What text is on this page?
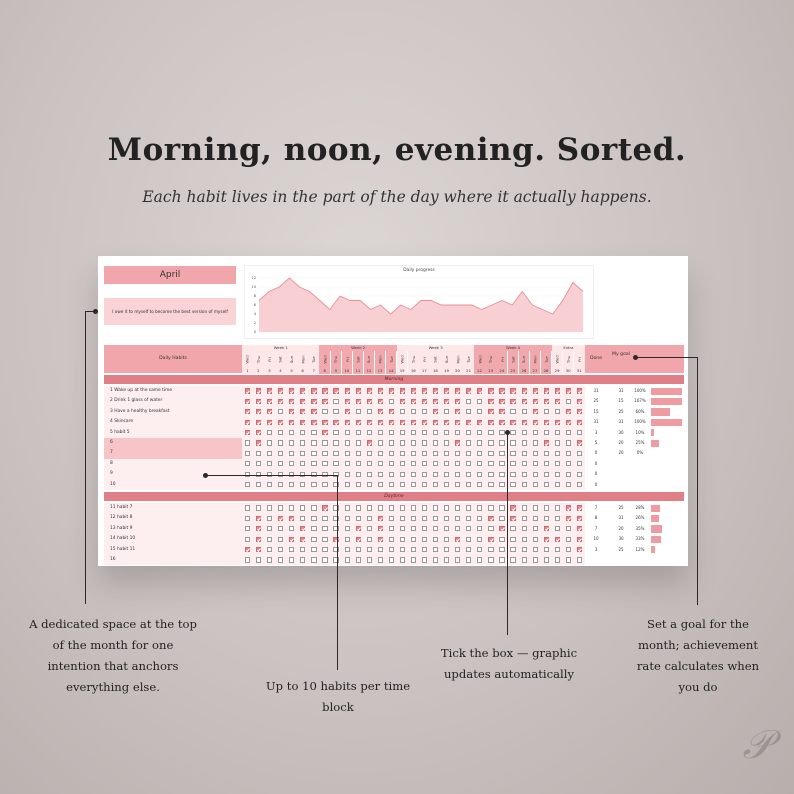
Morning, noon, evening. Sorted.
Each habit lives in the part of the day where it actually happens.
April
I owe it to myself to become the best version of myself
Daily progress
0
2
4
6
8
10
12
Daily Habits
Week 1	Week 2	Week 3	Week 4	Extra
Wed	Thu	Fri	Sat	Sun	Mon	Tue	Wed	Thu	Fri	Sat	Sun	Mon	Tue	Wed	Thu	Fri	Sat	Sun	Mon	Tue	Wed	Thu	Fri	Sat	Sun	Mon	Tue	Wed	Thu	Fri
1	2	3	4	5	6	7	8	9	10	11	12	13	14	15	16	17	18	19	20	21	22	23	24	25	26	27	28	29	30	31
Done
My goal
Morning
1 Wake up at the same time	31	31	100%
2 Drink 1 glass of water	25	15	167%
3 Have a healthy breakfast	15	25	60%
4 Skincare	31	31	100%
5 habit 5	3	30	10%
6	5	20	25%
7	0	20	0%
8	0
9	0
10	0
Daytime
11 habit 7	7	25	28%
12 habit 8	8	31	26%
13 habit 9	7	20	35%
14 habit 10	10	30	33%
15 habit 11	3	25	12%
16
A dedicated space at the top
of the month for one
intention that anchors
everything else.	Up to 10 habits per time
block
Tick the box — graphic
updates automatically
Set a goal for the
month; achievement
rate calculates when
you do
𝒫
